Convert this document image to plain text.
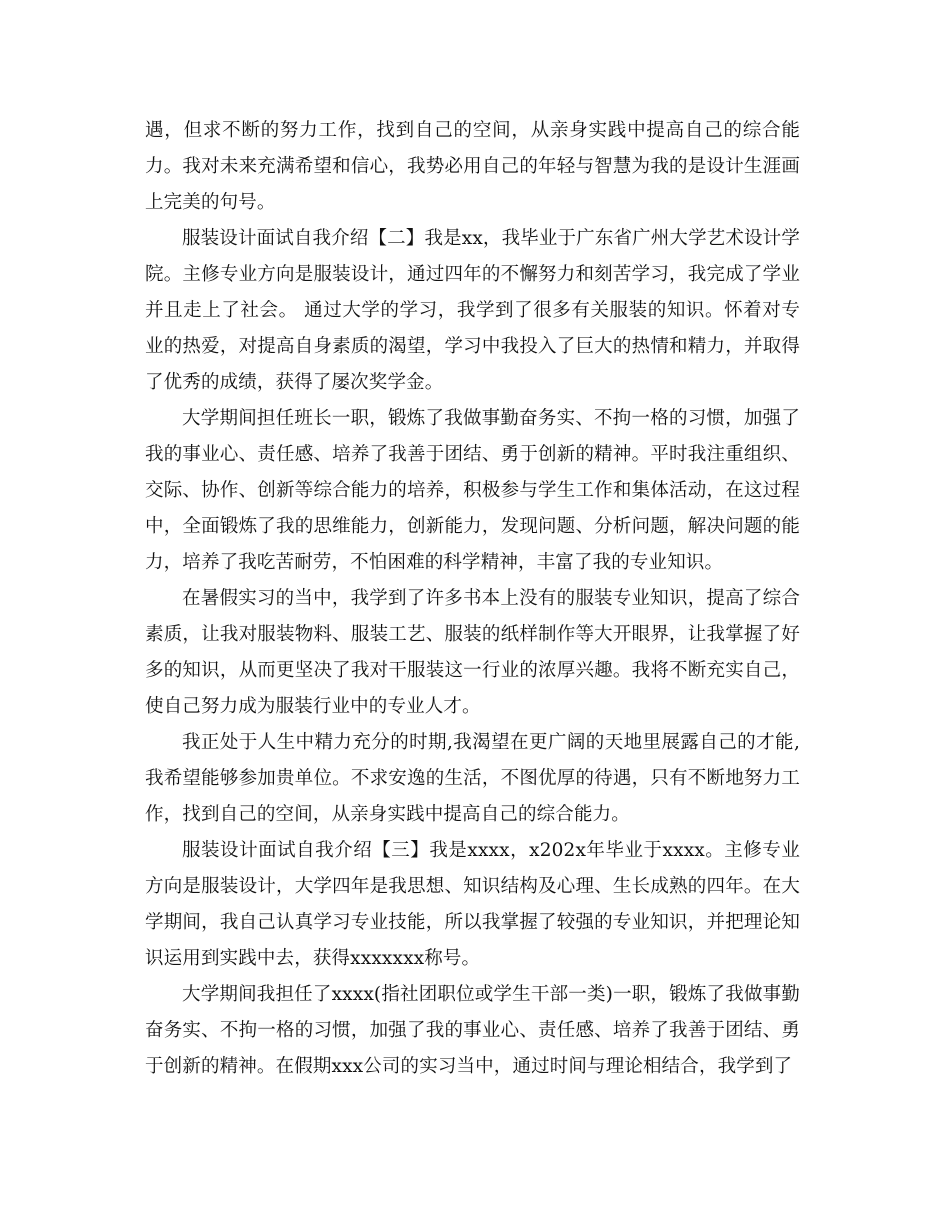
遇，但求不断的努力工作，找到自己的空间，从亲身实践中提高自己的综合能力。我对未来充满希望和信心，我势必用自己的年轻与智慧为我的是设计生涯画上完美的句号。

服装设计面试自我介绍【二】我是xx，我毕业于广东省广州大学艺术设计学院。主修专业方向是服装设计，通过四年的不懈努力和刻苦学习，我完成了学业并且走上了社会。 通过大学的学习，我学到了很多有关服装的知识。怀着对专业的热爱，对提高自身素质的渴望，学习中我投入了巨大的热情和精力，并取得了优秀的成绩，获得了屡次奖学金。

大学期间担任班长一职，锻炼了我做事勤奋务实、不拘一格的习惯，加强了我的事业心、责任感、培养了我善于团结、勇于创新的精神。平时我注重组织、交际、协作、创新等综合能力的培养，积极参与学生工作和集体活动，在这过程中，全面锻炼了我的思维能力，创新能力，发现问题、分析问题，解决问题的能力，培养了我吃苦耐劳，不怕困难的科学精神，丰富了我的专业知识。

在暑假实习的当中，我学到了许多书本上没有的服装专业知识，提高了综合素质，让我对服装物料、服装工艺、服装的纸样制作等大开眼界，让我掌握了好多的知识，从而更坚决了我对干服装这一行业的浓厚兴趣。我将不断充实自己，使自己努力成为服装行业中的专业人才。

我正处于人生中精力充分的时期,我渴望在更广阔的天地里展露自己的才能,我希望能够参加贵单位。不求安逸的生活，不图优厚的待遇，只有不断地努力工作，找到自己的空间，从亲身实践中提高自己的综合能力。

服装设计面试自我介绍【三】我是xxxx，x202x年毕业于xxxx。主修专业方向是服装设计，大学四年是我思想、知识结构及心理、生长成熟的四年。在大学期间，我自己认真学习专业技能，所以我掌握了较强的专业知识，并把理论知识运用到实践中去，获得xxxxxxx称号。

大学期间我担任了xxxx(指社团职位或学生干部一类)一职，锻炼了我做事勤奋务实、不拘一格的习惯，加强了我的事业心、责任感、培养了我善于团结、勇于创新的精神。在假期xxx公司的实习当中，通过时间与理论相结合，我学到了
